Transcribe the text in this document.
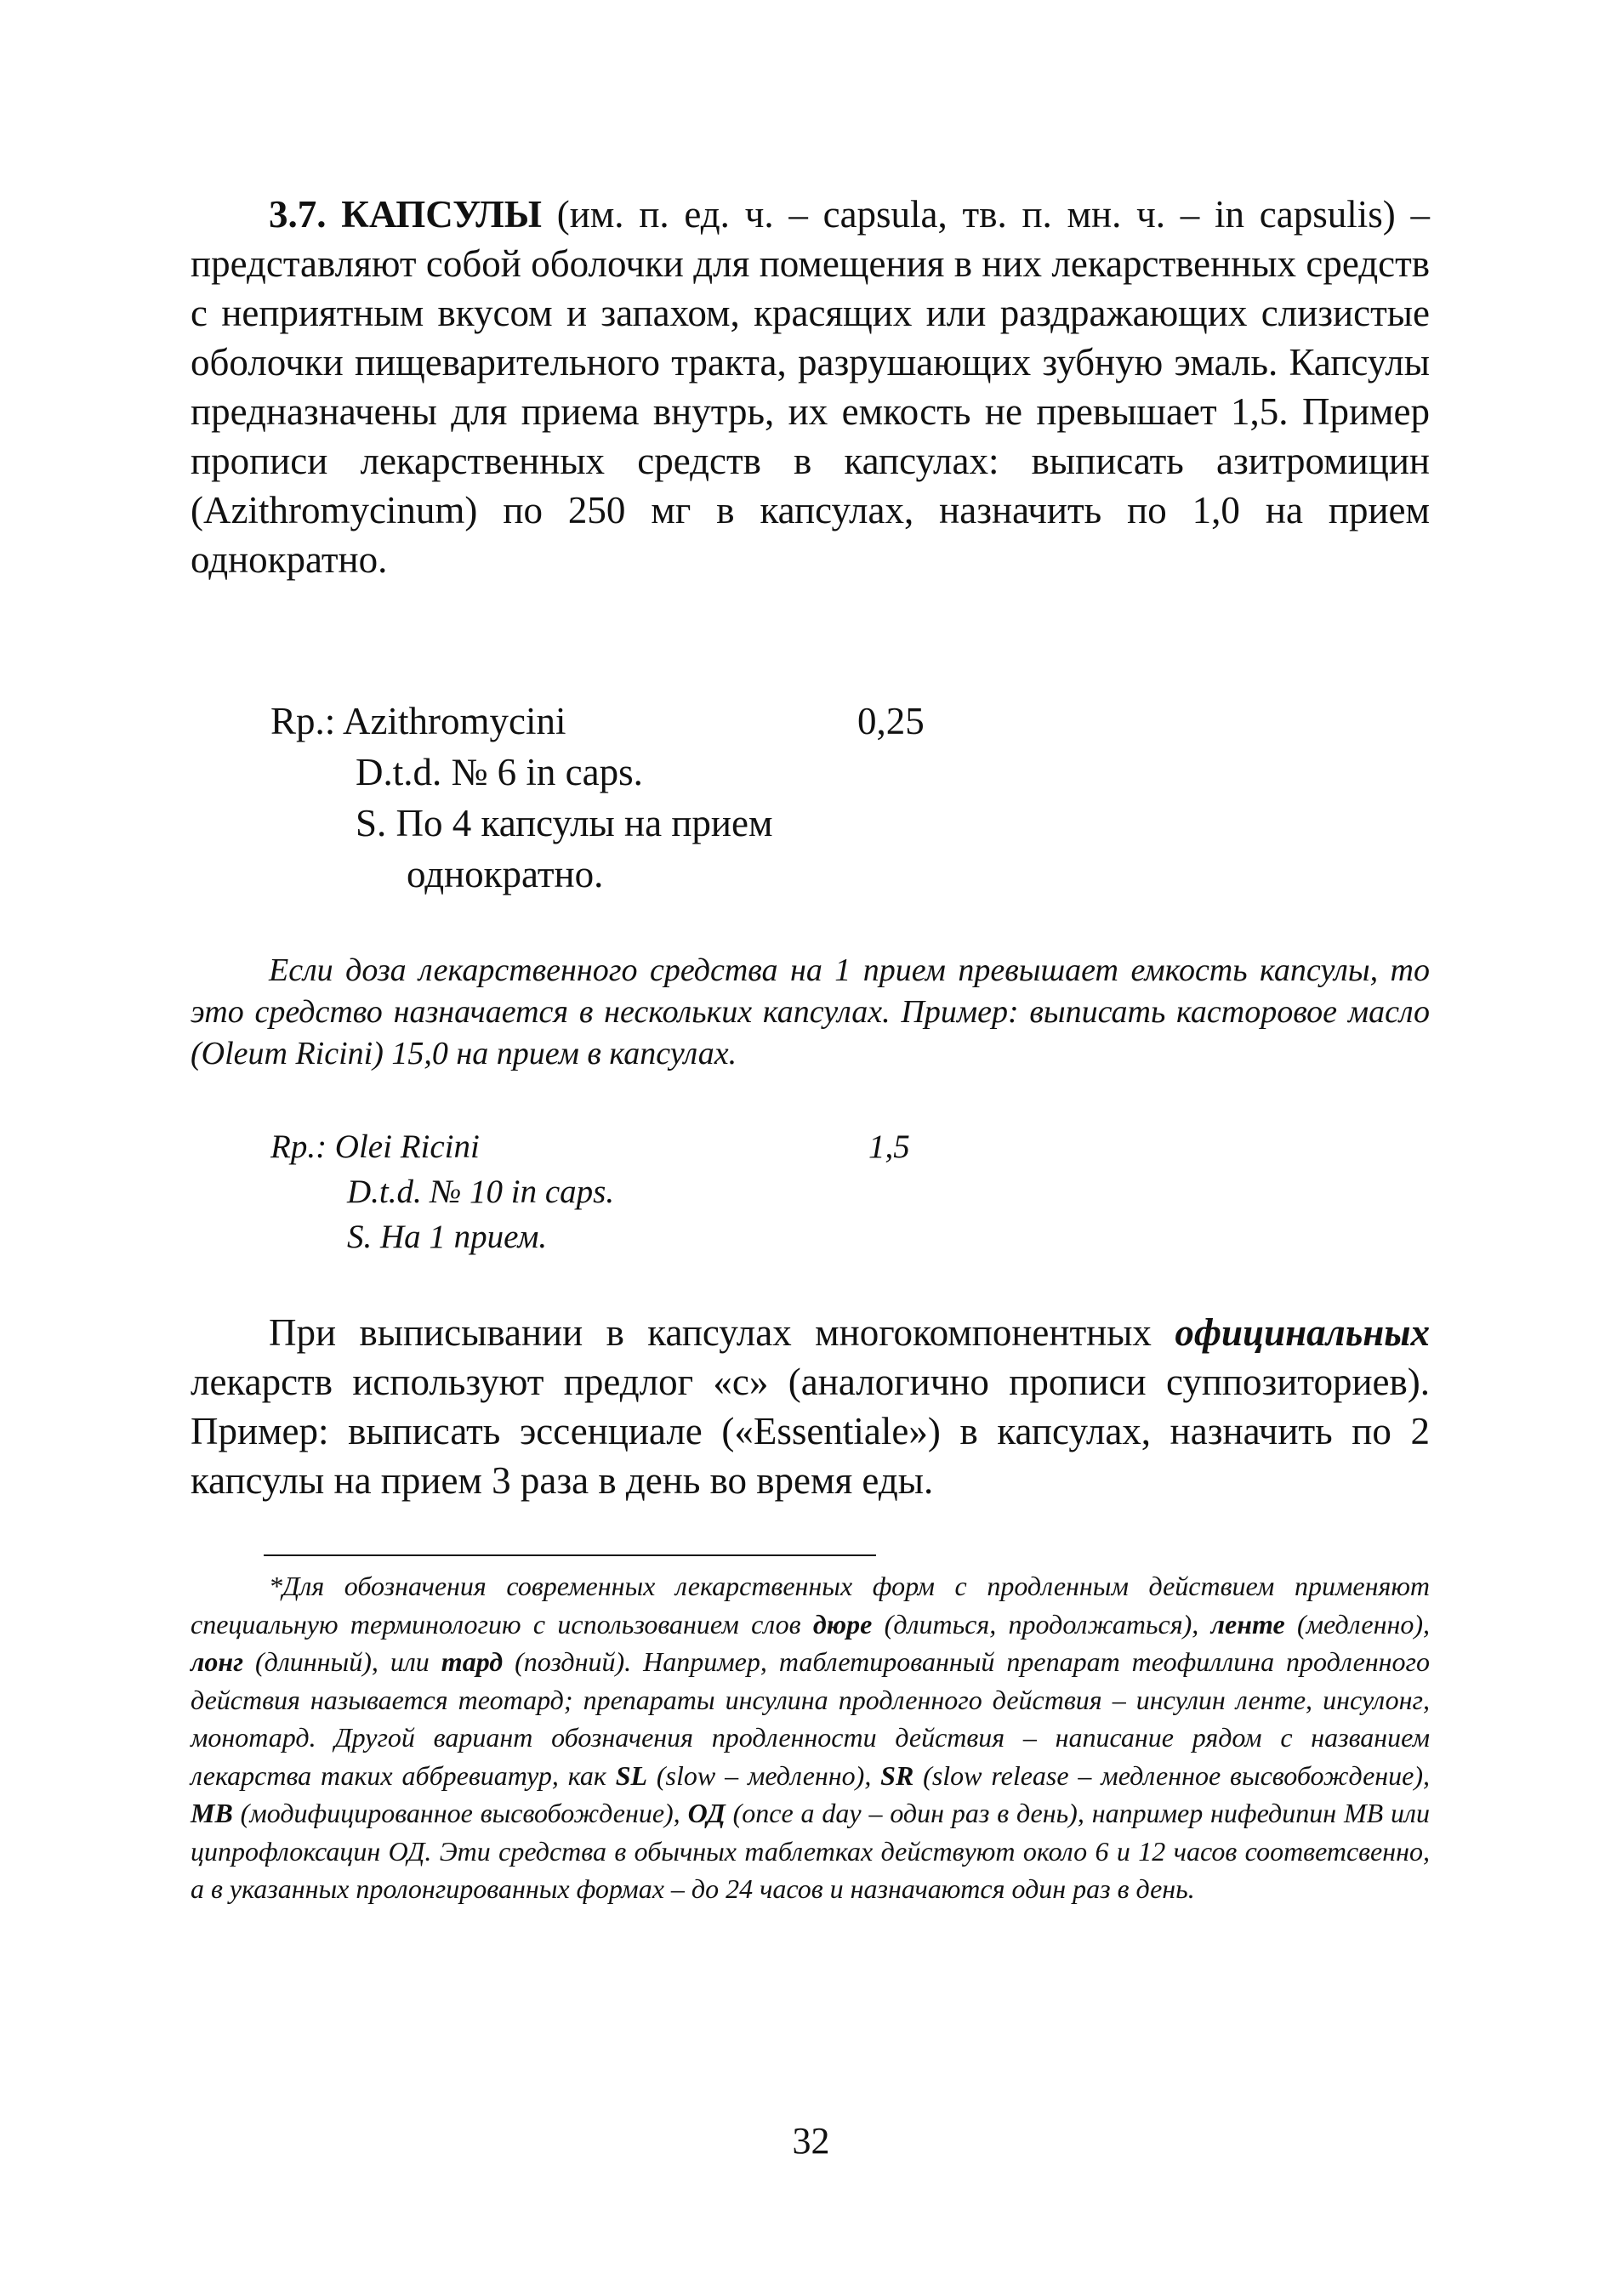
3.7. КАПСУЛЫ (им. п. ед. ч. – capsula, тв. п. мн. ч. – in capsulis) – представляют собой оболочки для помещения в них лекарственных средств с неприятным вкусом и запахом, красящих или раздражающих слизистые оболочки пищеварительного тракта, разрушающих зубную эмаль. Капсулы предназначены для приема внутрь, их емкость не превышает 1,5. Пример прописи лекарственных средств в капсулах: выписать азитромицин (Azithromycinum) по 250 мг в капсулах, назначить по 1,0 на прием однократно.

Rp.: Azithromycini	0,25
D.t.d. № 6 in caps.
S. По 4 капсулы на прием
однократно.

Если доза лекарственного средства на 1 прием превышает емкость капсулы, то это средство назначается в нескольких капсулах. Пример: выписать касторовое масло (Oleum Ricini) 15,0 на прием в капсулах.

Rp.: Olei Ricini	1,5
D.t.d. № 10 in caps.
S. На 1 прием.

При выписывании в капсулах многокомпонентных официнальных лекарств используют предлог «с» (аналогично прописи суппозиториев). Пример: выписать эссенциале («Essentiale») в капсулах, назначить по 2 капсулы на прием 3 раза в день во время еды.

*Для обозначения современных лекарственных форм с продленным действием применяют специальную терминологию с использованием слов дюре (длиться, продолжаться), ленте (медленно), лонг (длинный), или тард (поздний). Например, таблетированный препарат теофиллина продленного действия называется теотард; препараты инсулина продленного действия – инсулин ленте, инсулонг, монотард. Другой вариант обозначения продленности действия – написание рядом с названием лекарства таких аббревиатур, как SL (slow – медленно), SR (slow release – медленное высвобождение), МВ (модифицированное высвобождение), ОД (once a day – один раз в день), например нифедипин МВ или ципрофлоксацин ОД. Эти средства в обычных таблетках действуют около 6 и 12 часов соответсвенно, а в указанных пролонгированных формах – до 24 часов и назначаются один раз в день.

32
